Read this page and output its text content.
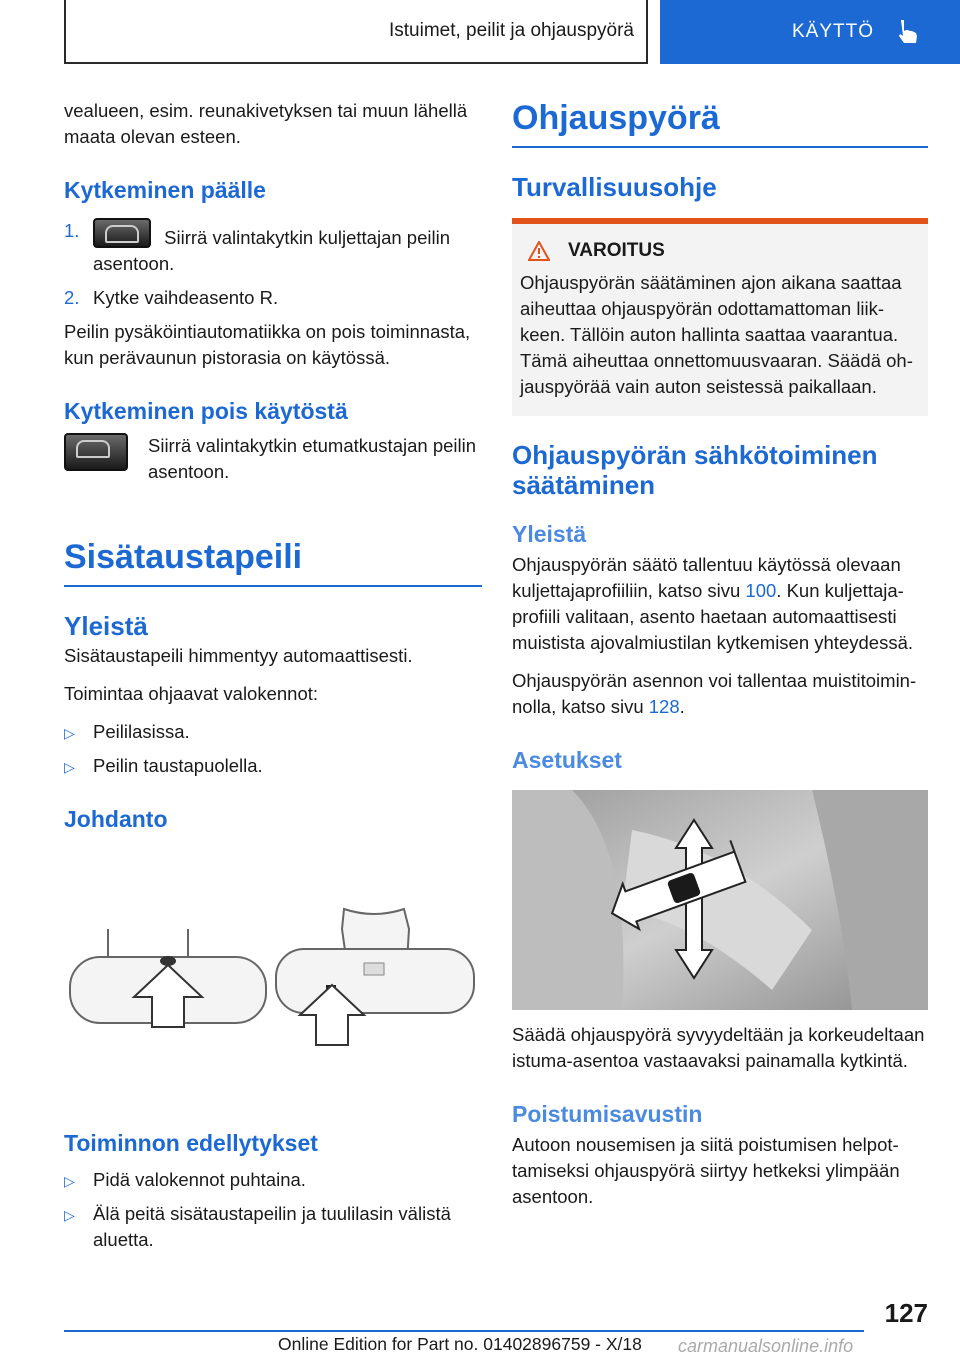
Istuimet, peilit ja ohjauspyörä	KÄYTTÖ

vealueen, esim. reunakivetyksen tai muun lähellä maata olevan esteen.

Kytkeminen päälle
1.	Siirrä valintakytkin kuljettajan peilin asentoon.
2. Kytke vaihdeasento R.

Peilin pysäköintiautomatiikka on pois toiminnasta, kun perävaunun pistorasia on käytössä.

Kytkeminen pois käytöstä

Siirrä valintakytkin etumatkustajan peilin asentoon.

Sisätaustapeili
Yleistä

Sisätaustapeili himmentyy automaattisesti.

Toimintaa ohjaavat valokennot:

▷ Peililasissa.
▷ Peilin taustapuolella.
Johdanto
Toiminnon edellytykset
▷ Pidä valokennot puhtaina.
▷ Älä peitä sisätaustapeilin ja tuulilasin välistä aluetta.
Ohjauspyörä
Turvallisuusohje
VAROITUS

Ohjauspyörän säätäminen ajon aikana saattaa aiheuttaa ohjauspyörän odottamattoman liikkeen. Tällöin auton hallinta saattaa vaarantua. Tämä aiheuttaa onnettomuusvaaran. Säädä ohjauspyörää vain auton seistessä paikallaan.

Ohjauspyörän sähkötoiminen säätäminen
Yleistä

Ohjauspyörän säätö tallentuu käytössä olevaan kuljettajaprofiiliin, katso sivu 100. Kun kuljettajaprofiili valitaan, asento haetaan automaattisesti muistista ajovalmiustilan kytkemisen yhteydessä.

Ohjauspyörän asennon voi tallentaa muistitoiminnolla, katso sivu 128.

Asetukset

Säädä ohjauspyörä syvyydeltään ja korkeudeltaan istuma-asentoa vastaavaksi painamalla kytkintä.

Poistumisavustin

Autoon nousemisen ja siitä poistumisen helpottamiseksi ohjauspyörä siirtyy hetkeksi ylimpään asentoon.

127
Online Edition for Part no. 01402896759 - X/18 carmanualsonline.info
